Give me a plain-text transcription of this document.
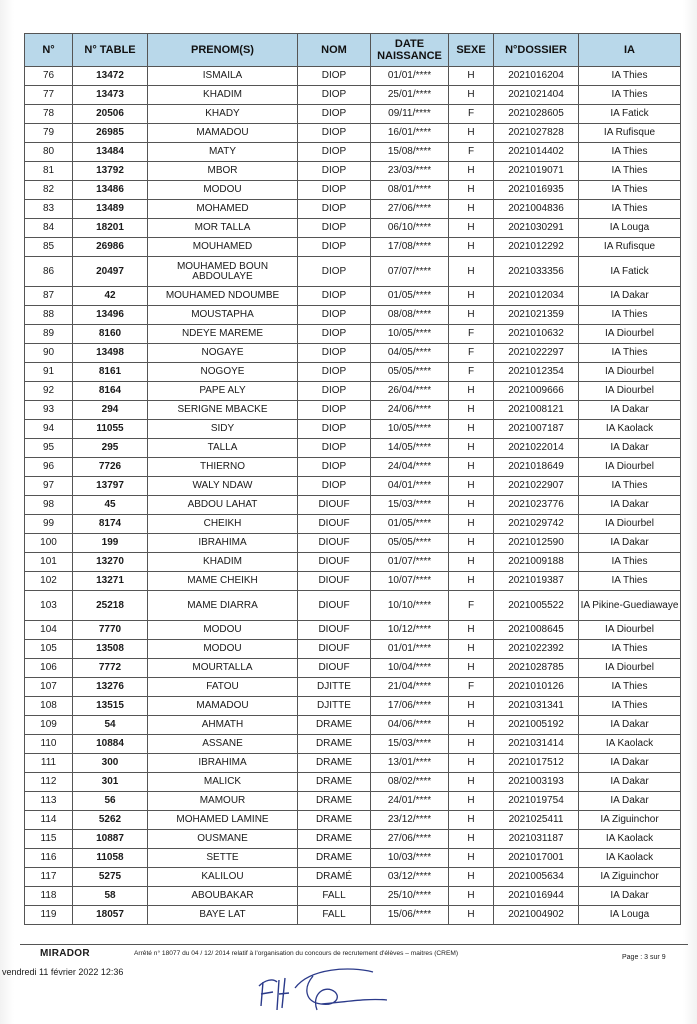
N°	N° TABLE	PRENOM(S)	NOM	DATE NAISSANCE	SEXE	N°DOSSIER	IA
76	13472	ISMAILA	DIOP	01/01/****	H	2021016204	IA Thies
77	13473	KHADIM	DIOP	25/01/****	H	2021021404	IA Thies
78	20506	KHADY	DIOP	09/11/****	F	2021028605	IA Fatick
79	26985	MAMADOU	DIOP	16/01/****	H	2021027828	IA Rufisque
80	13484	MATY	DIOP	15/08/****	F	2021014402	IA Thies
81	13792	MBOR	DIOP	23/03/****	H	2021019071	IA Thies
82	13486	MODOU	DIOP	08/01/****	H	2021016935	IA Thies
83	13489	MOHAMED	DIOP	27/06/****	H	2021004836	IA Thies
84	18201	MOR TALLA	DIOP	06/10/****	H	2021030291	IA Louga
85	26986	MOUHAMED	DIOP	17/08/****	H	2021012292	IA Rufisque
86	20497	MOUHAMED BOUN ABDOULAYE	DIOP	07/07/****	H	2021033356	IA Fatick
87	42	MOUHAMED NDOUMBE	DIOP	01/05/****	H	2021012034	IA Dakar
88	13496	MOUSTAPHA	DIOP	08/08/****	H	2021021359	IA Thies
89	8160	NDEYE MAREME	DIOP	10/05/****	F	2021010632	IA Diourbel
90	13498	NOGAYE	DIOP	04/05/****	F	2021022297	IA Thies
91	8161	NOGOYE	DIOP	05/05/****	F	2021012354	IA Diourbel
92	8164	PAPE ALY	DIOP	26/04/****	H	2021009666	IA Diourbel
93	294	SERIGNE MBACKE	DIOP	24/06/****	H	2021008121	IA Dakar
94	11055	SIDY	DIOP	10/05/****	H	2021007187	IA Kaolack
95	295	TALLA	DIOP	14/05/****	H	2021022014	IA Dakar
96	7726	THIERNO	DIOP	24/04/****	H	2021018649	IA Diourbel
97	13797	WALY NDAW	DIOP	04/01/****	H	2021022907	IA Thies
98	45	ABDOU LAHAT	DIOUF	15/03/****	H	2021023776	IA Dakar
99	8174	CHEIKH	DIOUF	01/05/****	H	2021029742	IA Diourbel
100	199	IBRAHIMA	DIOUF	05/05/****	H	2021012590	IA Dakar
101	13270	KHADIM	DIOUF	01/07/****	H	2021009188	IA Thies
102	13271	MAME CHEIKH	DIOUF	10/07/****	H	2021019387	IA Thies
103	25218	MAME DIARRA	DIOUF	10/10/****	F	2021005522	IA Pikine-Guediawaye
104	7770	MODOU	DIOUF	10/12/****	H	2021008645	IA Diourbel
105	13508	MODOU	DIOUF	01/01/****	H	2021022392	IA Thies
106	7772	MOURTALLA	DIOUF	10/04/****	H	2021028785	IA Diourbel
107	13276	FATOU	DJITTE	21/04/****	F	2021010126	IA Thies
108	13515	MAMADOU	DJITTE	17/06/****	H	2021031341	IA Thies
109	54	AHMATH	DRAME	04/06/****	H	2021005192	IA Dakar
110	10884	ASSANE	DRAME	15/03/****	H	2021031414	IA Kaolack
111	300	IBRAHIMA	DRAME	13/01/****	H	2021017512	IA Dakar
112	301	MALICK	DRAME	08/02/****	H	2021003193	IA Dakar
113	56	MAMOUR	DRAME	24/01/****	H	2021019754	IA Dakar
114	5262	MOHAMED LAMINE	DRAME	23/12/****	H	2021025411	IA Ziguinchor
115	10887	OUSMANE	DRAME	27/06/****	H	2021031187	IA Kaolack
116	11058	SETTE	DRAME	10/03/****	H	2021017001	IA Kaolack
117	5275	KALILOU	DRAMÉ	03/12/****	H	2021005634	IA Ziguinchor
118	58	ABOUBAKAR	FALL	25/10/****	H	2021016944	IA Dakar
119	18057	BAYE LAT	FALL	15/06/****	H	2021004902	IA Louga
MIRADOR	Arrêté n° 18077 du 04 / 12/ 2014 relatif à l'organisation du concours de recrutement d'élèves – maitres (CREM)
Page : 3 sur 9
vendredi 11 février 2022 12:36
